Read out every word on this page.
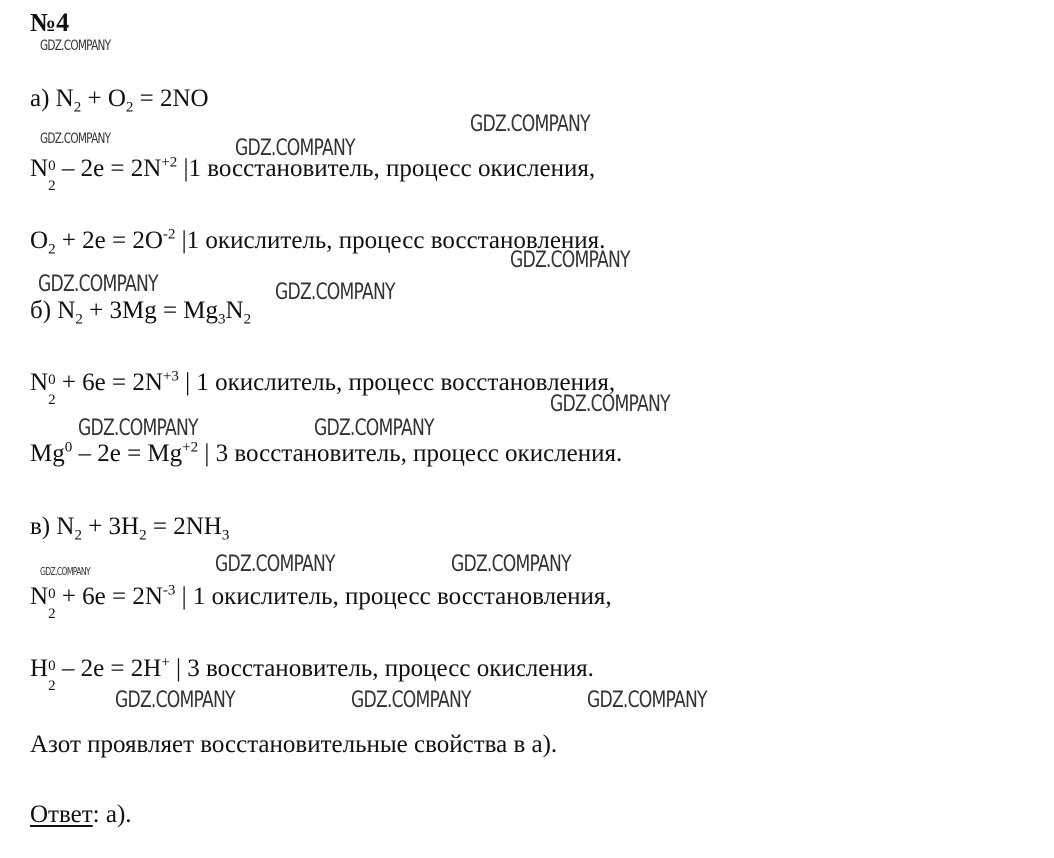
№4
а) $N_2 + O_2 = 2NO$
N 0
2
– $2e = 2N^{+2}$ |1 восстановитель, процесс окисления,
$O_2 + 2e = 2O^{-2}$ |1 окислитель, процесс восстановления.
б) $N_2 + 3Mg = Mg_3N_2$
N 0
2
+ $6e = 2N^{+3}$ | 1 окислитель, процесс восстановления,
$Mg^0 - 2e = Mg^{+2}$ | 3 восстановитель, процесс окисления.
в) $N_2 + 3H_2 = 2NH_3$
N 0
2
+ $6e = 2N^{-3}$ | 1 окислитель, процесс восстановления,
H 0
2
– 2e = 2H+ | 3 восстановитель, процесс окисления.
Азот проявляет восстановительные свойства в а).
Ответ: а).
GDZ.COMPANY
GDZ.COMPANY
GDZ.COMPANY	GDZ.COMPANY
GDZ.COMPANY
GDZ.COMPANY	GDZ.COMPANY
GDZ.COMPANY
GDZ.COMPANY	GDZ.COMPANY
GDZ.COMPANY	GDZ.COMPANY	GDZ.COMPANY
GDZ.COMPANY	GDZ.COMPANY	GDZ.COMPANY
